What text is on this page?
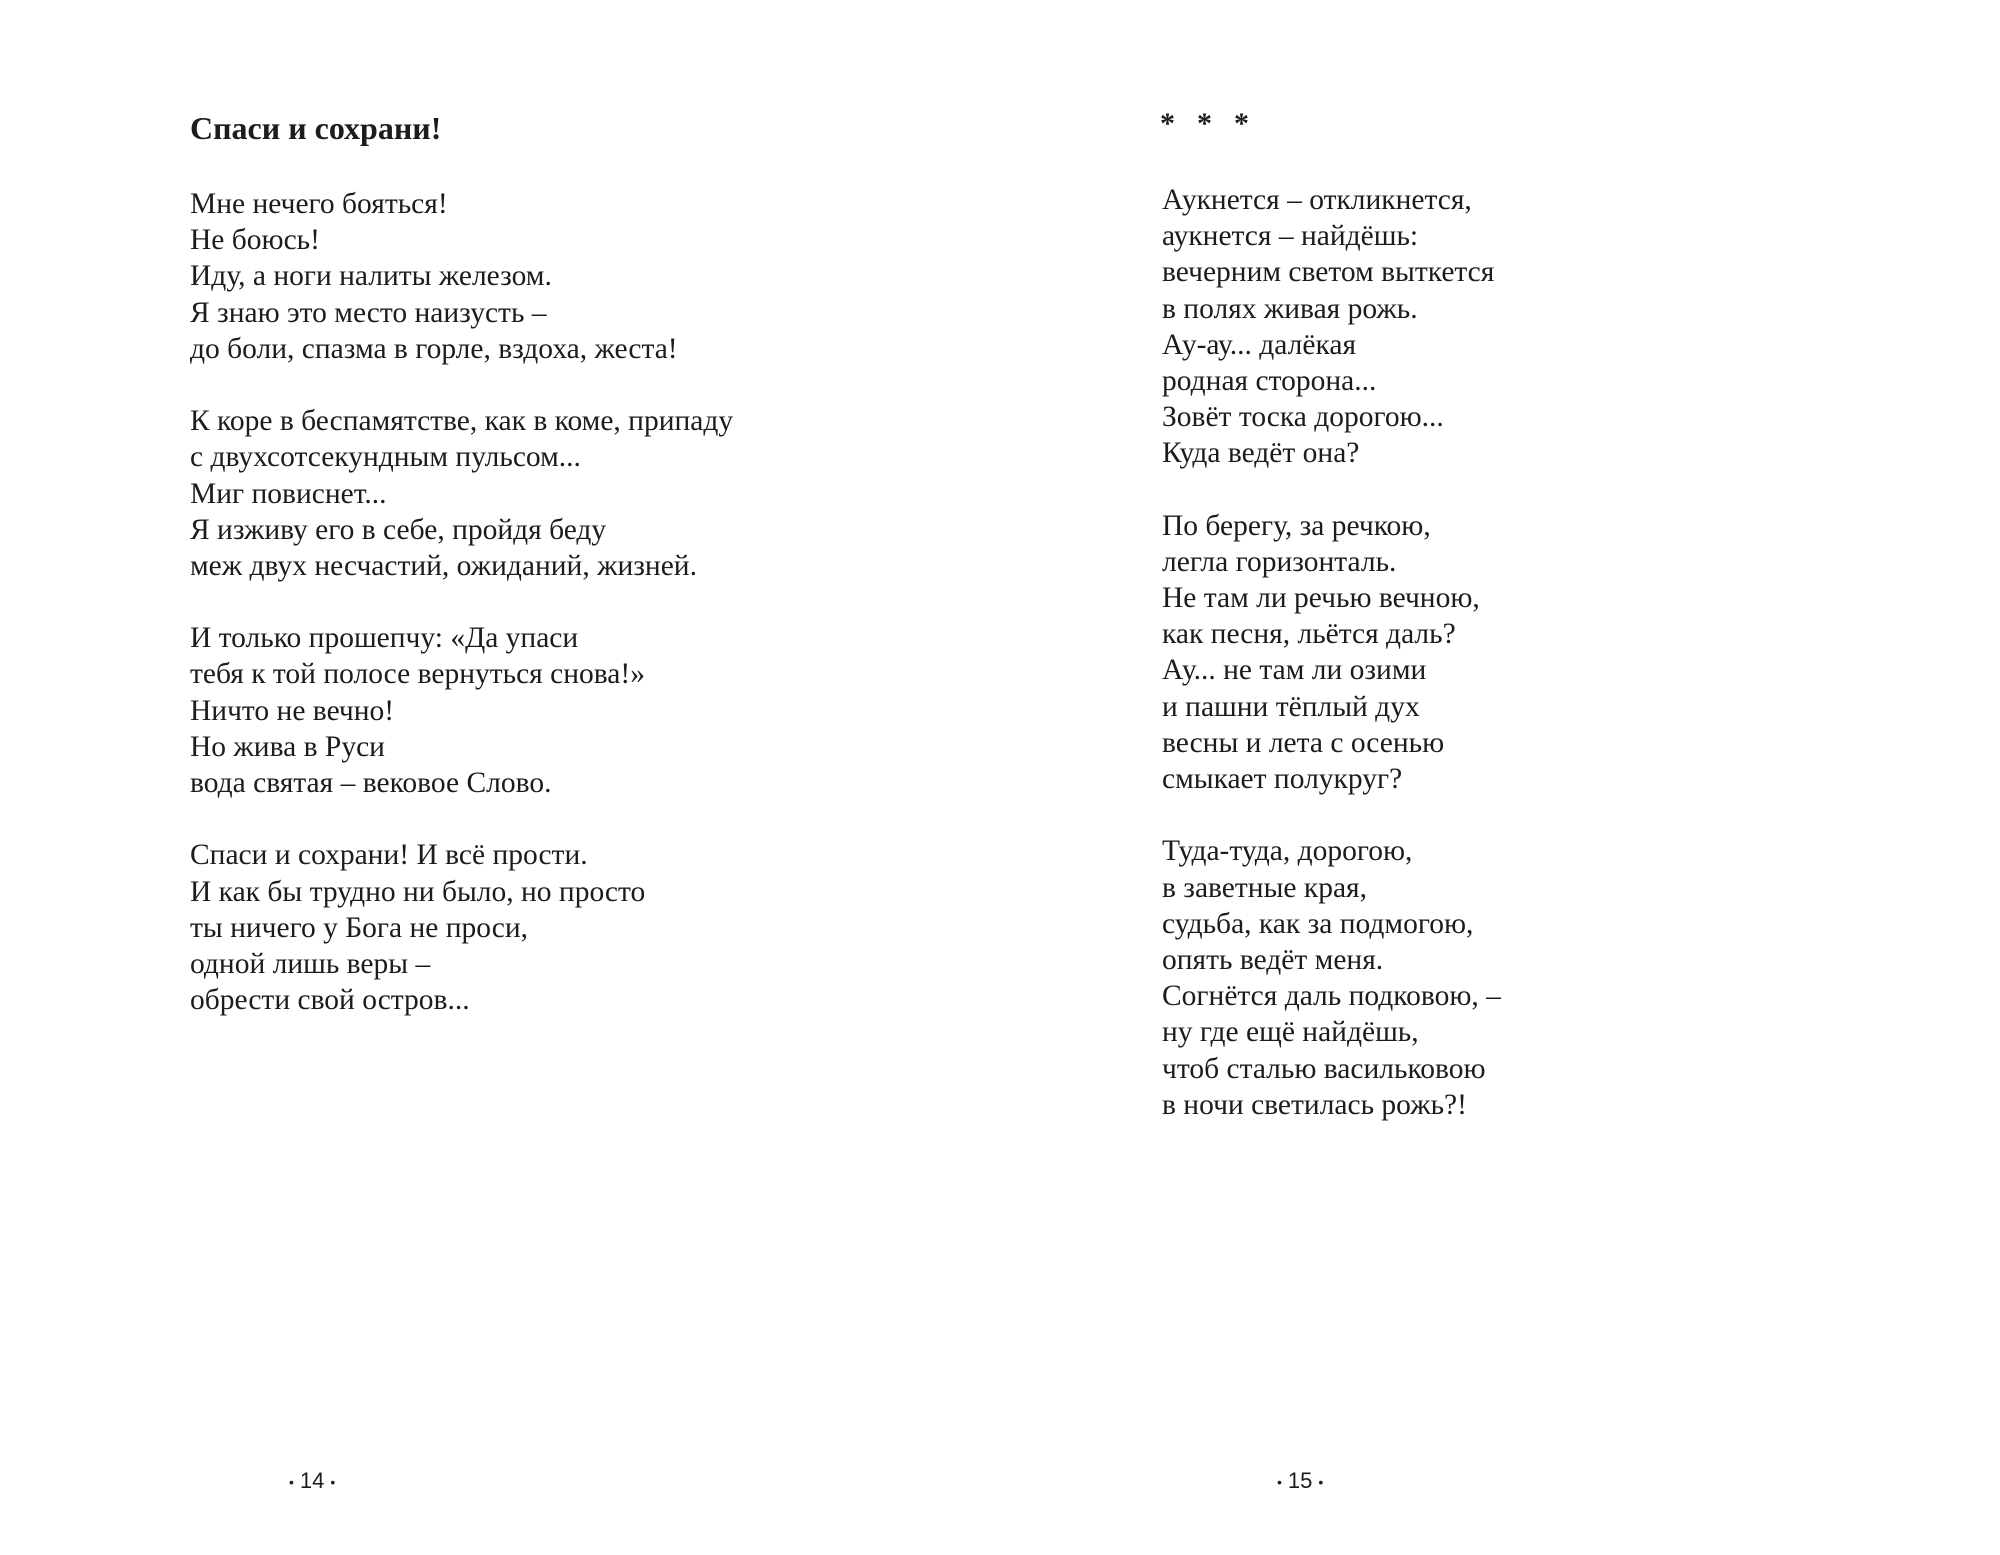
Спаси и сохрани!
Мне нечего бояться!
Не боюсь!
Иду, а ноги налиты железом.
Я знаю это место наизусть –
до боли, спазма в горле, вздоха, жеста!
К коре в беспамятстве, как в коме, припаду
с двухсотсекундным пульсом...
Миг повиснет...
Я изживу его в себе, пройдя беду
меж двух несчастий, ожиданий, жизней.
И только прошепчу: «Да упаси
тебя к той полосе вернуться снова!»
Ничто не вечно!
Но жива в Руси
вода святая – вековое Слово.
Спаси и сохрани! И всё прости.
И как бы трудно ни было, но просто
ты ничего у Бога не проси,
одной лишь веры –
обрести свой остров...
• 14 •
* * *
Аукнется – откликнется,
аукнется – найдёшь:
вечерним светом выткется
в полях живая рожь.
Ау-ау... далёкая
родная сторона...
Зовёт тоска дорогою...
Куда ведёт она?
По берегу, за речкою,
легла горизонталь.
Не там ли речью вечною,
как песня, льётся даль?
Ау... не там ли озими
и пашни тёплый дух
весны и лета с осенью
смыкает полукруг?
Туда-туда, дорогою,
в заветные края,
судьба, как за подмогою,
опять ведёт меня.
Согнётся даль подковою, –
ну где ещё найдёшь,
чтоб сталью васильковою
в ночи светилась рожь?!
• 15 •
